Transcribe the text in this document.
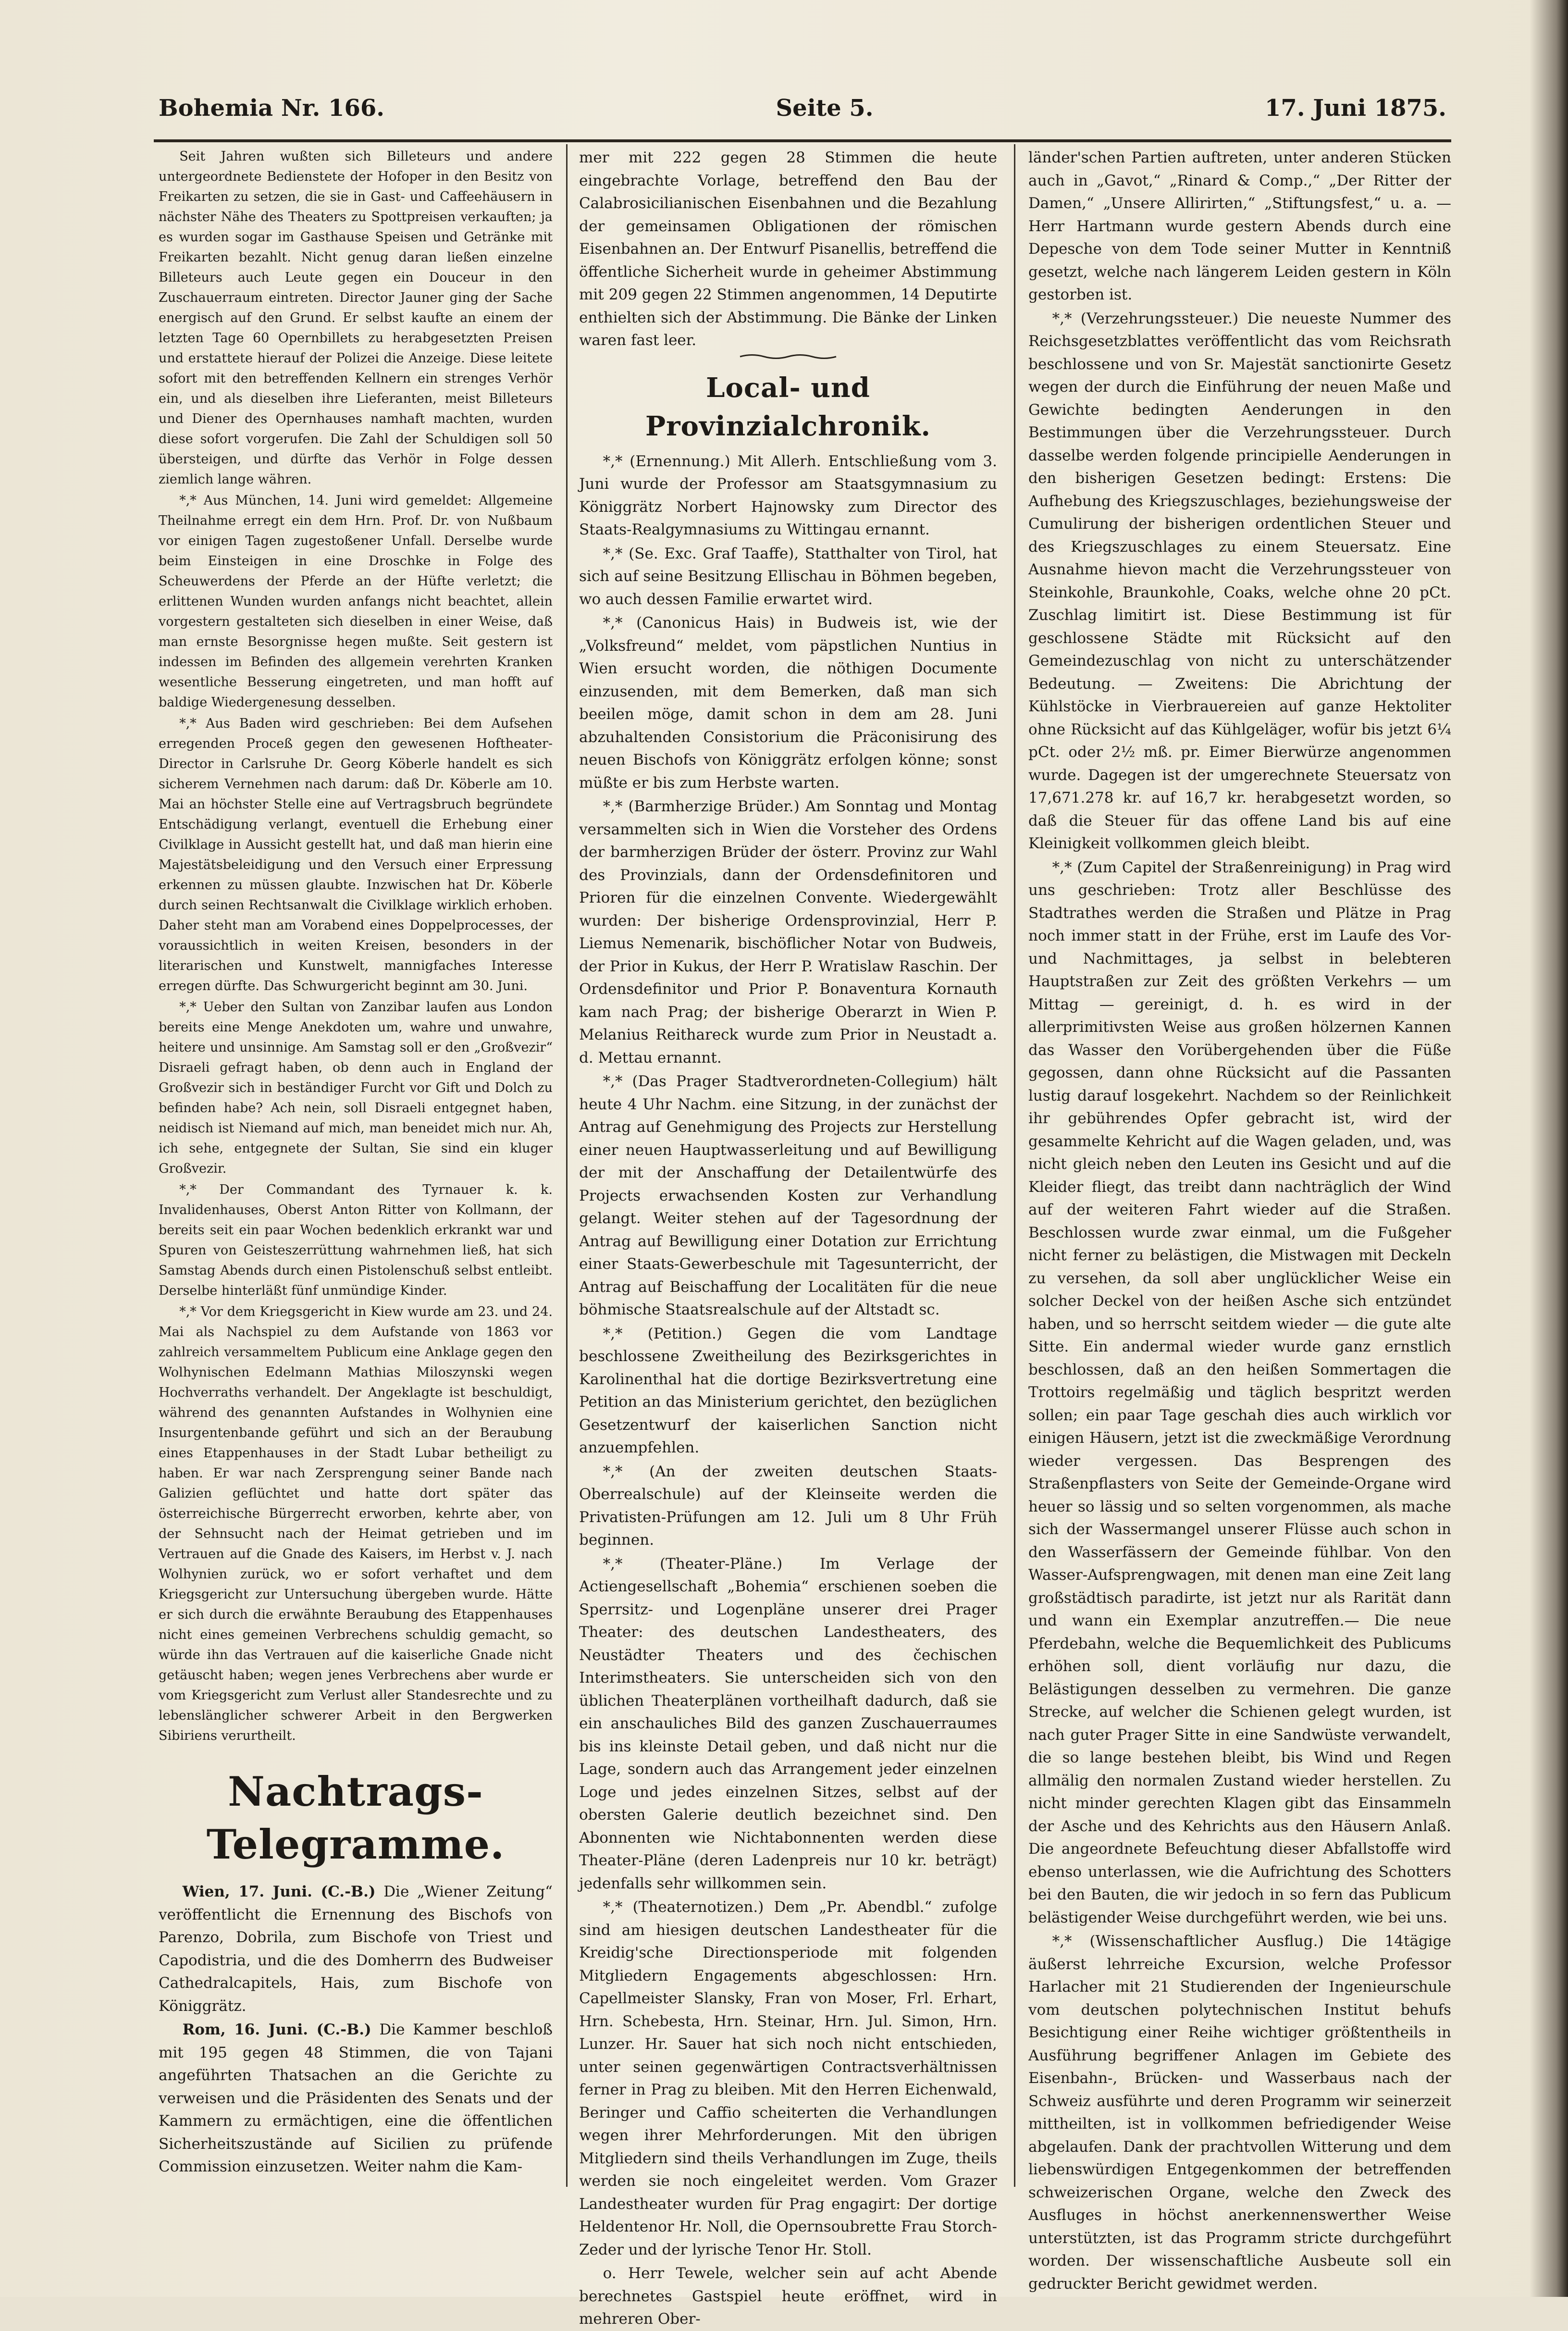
Bohemia Nr. 166.	Seite 5.	17. Juni 1875.

Seit Jahren wußten sich Billeteurs und andere untergeordnete Bedienstete der Hofoper in den Besitz von Freikarten zu setzen, die sie in Gast- und Caffeehäusern in nächster Nähe des Theaters zu Spottpreisen verkauften; ja es wurden sogar im Gasthause Speisen und Getränke mit Freikarten bezahlt. Nicht genug daran ließen einzelne Billeteurs auch Leute gegen ein Douceur in den Zuschauerraum eintreten. Director Jauner ging der Sache energisch auf den Grund. Er selbst kaufte an einem der letzten Tage 60 Opernbillets zu herabgesetzten Preisen und erstattete hierauf der Polizei die Anzeige. Diese leitete sofort mit den betreffenden Kellnern ein strenges Verhör ein, und als dieselben ihre Lieferanten, meist Billeteurs und Diener des Opernhauses namhaft machten, wurden diese sofort vorgerufen. Die Zahl der Schuldigen soll 50 übersteigen, und dürfte das Verhör in Folge dessen ziemlich lange währen.

*,* Aus München, 14. Juni wird gemeldet: Allgemeine Theilnahme erregt ein dem Hrn. Prof. Dr. von Nußbaum vor einigen Tagen zugestoßener Unfall. Derselbe wurde beim Einsteigen in eine Droschke in Folge des Scheuwerdens der Pferde an der Hüfte verletzt; die erlittenen Wunden wurden anfangs nicht beachtet, allein vorgestern gestalteten sich dieselben in einer Weise, daß man ernste Besorgnisse hegen mußte. Seit gestern ist indessen im Befinden des allgemein verehrten Kranken wesentliche Besserung eingetreten, und man hofft auf baldige Wiedergenesung desselben.

*,* Aus Baden wird geschrieben: Bei dem Aufsehen erregenden Proceß gegen den gewesenen Hoftheater-Director in Carlsruhe Dr. Georg Köberle handelt es sich sicherem Vernehmen nach darum: daß Dr. Köberle am 10. Mai an höchster Stelle eine auf Vertragsbruch begründete Entschädigung verlangt, eventuell die Erhebung einer Civilklage in Aussicht gestellt hat, und daß man hierin eine Majestätsbeleidigung und den Versuch einer Erpressung erkennen zu müssen glaubte. Inzwischen hat Dr. Köberle durch seinen Rechtsanwalt die Civilklage wirklich erhoben. Daher steht man am Vorabend eines Doppelprocesses, der voraussichtlich in weiten Kreisen, besonders in der literarischen und Kunstwelt, mannigfaches Interesse erregen dürfte. Das Schwurgericht beginnt am 30. Juni.

*,* Ueber den Sultan von Zanzibar laufen aus London bereits eine Menge Anekdoten um, wahre und unwahre, heitere und unsinnige. Am Samstag soll er den „Großvezir“ Disraeli gefragt haben, ob denn auch in England der Großvezir sich in beständiger Furcht vor Gift und Dolch zu befinden habe? Ach nein, soll Disraeli entgegnet haben, neidisch ist Niemand auf mich, man beneidet mich nur. Ah, ich sehe, entgegnete der Sultan, Sie sind ein kluger Großvezir.

*,* Der Commandant des Tyrnauer k. k. Invalidenhauses, Oberst Anton Ritter von Kollmann, der bereits seit ein paar Wochen bedenklich erkrankt war und Spuren von Geisteszerrüttung wahrnehmen ließ, hat sich Samstag Abends durch einen Pistolenschuß selbst entleibt. Derselbe hinterläßt fünf unmündige Kinder.

*,* Vor dem Kriegsgericht in Kiew wurde am 23. und 24. Mai als Nachspiel zu dem Aufstande von 1863 vor zahlreich versammeltem Publicum eine Anklage gegen den Wolhynischen Edelmann Mathias Miloszynski wegen Hochverraths verhandelt. Der Angeklagte ist beschuldigt, während des genannten Aufstandes in Wolhynien eine Insurgentenbande geführt und sich an der Beraubung eines Etappenhauses in der Stadt Lubar betheiligt zu haben. Er war nach Zersprengung seiner Bande nach Galizien geflüchtet und hatte dort später das österreichische Bürgerrecht erworben, kehrte aber, von der Sehnsucht nach der Heimat getrieben und im Vertrauen auf die Gnade des Kaisers, im Herbst v. J. nach Wolhynien zurück, wo er sofort verhaftet und dem Kriegsgericht zur Untersuchung übergeben wurde. Hätte er sich durch die erwähnte Beraubung des Etappenhauses nicht eines gemeinen Verbrechens schuldig gemacht, so würde ihn das Vertrauen auf die kaiserliche Gnade nicht getäuscht haben; wegen jenes Verbrechens aber wurde er vom Kriegsgericht zum Verlust aller Standesrechte und zu lebenslänglicher schwerer Arbeit in den Bergwerken Sibiriens verurtheilt.

Nachtrags-Telegramme.

Wien, 17. Juni. (C.-B.) Die „Wiener Zeitung“ veröffentlicht die Ernennung des Bischofs von Parenzo, Dobrila, zum Bischofe von Triest und Capodistria, und die des Domherrn des Budweiser Cathedralcapitels, Hais, zum Bischofe von Königgrätz.

Rom, 16. Juni. (C.-B.) Die Kammer beschloß mit 195 gegen 48 Stimmen, die von Tajani angeführten Thatsachen an die Gerichte zu verweisen und die Präsidenten des Senats und der Kammern zu ermächtigen, eine die öffentlichen Sicherheitszustände auf Sicilien zu prüfende Commission einzusetzen. Weiter nahm die Kam-

mer mit 222 gegen 28 Stimmen die heute eingebrachte Vorlage, betreffend den Bau der Calabrosicilianischen Eisenbahnen und die Bezahlung der gemeinsamen Obligationen der römischen Eisenbahnen an. Der Entwurf Pisanellis, betreffend die öffentliche Sicherheit wurde in geheimer Abstimmung mit 209 gegen 22 Stimmen angenommen, 14 Deputirte enthielten sich der Abstimmung. Die Bänke der Linken waren fast leer.

Local- und Provinzialchronik.

*,* (Ernennung.) Mit Allerh. Entschließung vom 3. Juni wurde der Professor am Staatsgymnasium zu Königgrätz Norbert Hajnowsky zum Director des Staats-Realgymnasiums zu Wittingau ernannt.

*,* (Se. Exc. Graf Taaffe), Statthalter von Tirol, hat sich auf seine Besitzung Ellischau in Böhmen begeben, wo auch dessen Familie erwartet wird.

*,* (Canonicus Hais) in Budweis ist, wie der „Volksfreund“ meldet, vom päpstlichen Nuntius in Wien ersucht worden, die nöthigen Documente einzusenden, mit dem Bemerken, daß man sich beeilen möge, damit schon in dem am 28. Juni abzuhaltenden Consistorium die Präconisirung des neuen Bischofs von Königgrätz erfolgen könne; sonst müßte er bis zum Herbste warten.

*,* (Barmherzige Brüder.) Am Sonntag und Montag versammelten sich in Wien die Vorsteher des Ordens der barmherzigen Brüder der österr. Provinz zur Wahl des Provinzials, dann der Ordensdefinitoren und Prioren für die einzelnen Convente. Wiedergewählt wurden: Der bisherige Ordensprovinzial, Herr P. Liemus Nemenarik, bischöflicher Notar von Budweis, der Prior in Kukus, der Herr P. Wratislaw Raschin. Der Ordensdefinitor und Prior P. Bonaventura Kornauth kam nach Prag; der bisherige Oberarzt in Wien P. Melanius Reithareck wurde zum Prior in Neustadt a. d. Mettau ernannt.

*,* (Das Prager Stadtverordneten-Collegium) hält heute 4 Uhr Nachm. eine Sitzung, in der zunächst der Antrag auf Genehmigung des Projects zur Herstellung einer neuen Hauptwasserleitung und auf Bewilligung der mit der Anschaffung der Detailentwürfe des Projects erwachsenden Kosten zur Verhandlung gelangt. Weiter stehen auf der Tagesordnung der Antrag auf Bewilligung einer Dotation zur Errichtung einer Staats-Gewerbeschule mit Tagesunterricht, der Antrag auf Beischaffung der Localitäten für die neue böhmische Staatsrealschule auf der Altstadt sc.

*,* (Petition.) Gegen die vom Landtage beschlossene Zweitheilung des Bezirksgerichtes in Karolinenthal hat die dortige Bezirksvertretung eine Petition an das Ministerium gerichtet, den bezüglichen Gesetzentwurf der kaiserlichen Sanction nicht anzuempfehlen.

*,* (An der zweiten deutschen Staats-Oberrealschule) auf der Kleinseite werden die Privatisten-Prüfungen am 12. Juli um 8 Uhr Früh beginnen.

*,* (Theater-Pläne.) Im Verlage der Actiengesellschaft „Bohemia“ erschienen soeben die Sperrsitz- und Logenpläne unserer drei Prager Theater: des deutschen Landestheaters, des Neustädter Theaters und des čechischen Interimstheaters. Sie unterscheiden sich von den üblichen Theaterplänen vortheilhaft dadurch, daß sie ein anschauliches Bild des ganzen Zuschauerraumes bis ins kleinste Detail geben, und daß nicht nur die Lage, sondern auch das Arrangement jeder einzelnen Loge und jedes einzelnen Sitzes, selbst auf der obersten Galerie deutlich bezeichnet sind. Den Abonnenten wie Nichtabonnenten werden diese Theater-Pläne (deren Ladenpreis nur 10 kr. beträgt) jedenfalls sehr willkommen sein.

*,* (Theaternotizen.) Dem „Pr. Abendbl.“ zufolge sind am hiesigen deutschen Landestheater für die Kreidig'sche Directionsperiode mit folgenden Mitgliedern Engagements abgeschlossen: Hrn. Capellmeister Slansky, Fran von Moser, Frl. Erhart, Hrn. Schebesta, Hrn. Steinar, Hrn. Jul. Simon, Hrn. Lunzer. Hr. Sauer hat sich noch nicht entschieden, unter seinen gegenwärtigen Contractsverhältnissen ferner in Prag zu bleiben. Mit den Herren Eichenwald, Beringer und Caffio scheiterten die Verhandlungen wegen ihrer Mehrforderungen. Mit den übrigen Mitgliedern sind theils Verhandlungen im Zuge, theils werden sie noch eingeleitet werden. Vom Grazer Landestheater wurden für Prag engagirt: Der dortige Heldentenor Hr. Noll, die Opernsoubrette Frau Storch-Zeder und der lyrische Tenor Hr. Stoll.

o. Herr Tewele, welcher sein auf acht Abende berechnetes Gastspiel heute eröffnet, wird in mehreren Ober-

länder'schen Partien auftreten, unter anderen Stücken auch in „Gavot,“ „Rinard & Comp.,“ „Der Ritter der Damen,“ „Unsere Allirirten,“ „Stiftungsfest,“ u. a. — Herr Hartmann wurde gestern Abends durch eine Depesche von dem Tode seiner Mutter in Kenntniß gesetzt, welche nach längerem Leiden gestern in Köln gestorben ist.

*,* (Verzehrungssteuer.) Die neueste Nummer des Reichsgesetzblattes veröffentlicht das vom Reichsrath beschlossene und von Sr. Majestät sanctionirte Gesetz wegen der durch die Einführung der neuen Maße und Gewichte bedingten Aenderungen in den Bestimmungen über die Verzehrungssteuer. Durch dasselbe werden folgende principielle Aenderungen in den bisherigen Gesetzen bedingt: Erstens: Die Aufhebung des Kriegszuschlages, beziehungsweise der Cumulirung der bisherigen ordentlichen Steuer und des Kriegszuschlages zu einem Steuersatz. Eine Ausnahme hievon macht die Verzehrungssteuer von Steinkohle, Braunkohle, Coaks, welche ohne 20 pCt. Zuschlag limitirt ist. Diese Bestimmung ist für geschlossene Städte mit Rücksicht auf den Gemeindezuschlag von nicht zu unterschätzender Bedeutung. — Zweitens: Die Abrichtung der Kühlstöcke in Vierbrauereien auf ganze Hektoliter ohne Rücksicht auf das Kühlgeläger, wofür bis jetzt 6¼ pCt. oder 2½ mß. pr. Eimer Bierwürze angenommen wurde. Dagegen ist der umgerechnete Steuersatz von 17,671.278 kr. auf 16,7 kr. herabgesetzt worden, so daß die Steuer für das offene Land bis auf eine Kleinigkeit vollkommen gleich bleibt.

*,* (Zum Capitel der Straßenreinigung) in Prag wird uns geschrieben: Trotz aller Beschlüsse des Stadtrathes werden die Straßen und Plätze in Prag noch immer statt in der Frühe, erst im Laufe des Vor- und Nachmittages, ja selbst in belebteren Hauptstraßen zur Zeit des größten Verkehrs — um Mittag — gereinigt, d. h. es wird in der allerprimitivsten Weise aus großen hölzernen Kannen das Wasser den Vorübergehenden über die Füße gegossen, dann ohne Rücksicht auf die Passanten lustig darauf losgekehrt. Nachdem so der Reinlichkeit ihr gebührendes Opfer gebracht ist, wird der gesammelte Kehricht auf die Wagen geladen, und, was nicht gleich neben den Leuten ins Gesicht und auf die Kleider fliegt, das treibt dann nachträglich der Wind auf der weiteren Fahrt wieder auf die Straßen. Beschlossen wurde zwar einmal, um die Fußgeher nicht ferner zu belästigen, die Mistwagen mit Deckeln zu versehen, da soll aber unglücklicher Weise ein solcher Deckel von der heißen Asche sich entzündet haben, und so herrscht seitdem wieder — die gute alte Sitte. Ein andermal wieder wurde ganz ernstlich beschlossen, daß an den heißen Sommertagen die Trottoirs regelmäßig und täglich bespritzt werden sollen; ein paar Tage geschah dies auch wirklich vor einigen Häusern, jetzt ist die zweckmäßige Verordnung wieder vergessen. Das Besprengen des Straßenpflasters von Seite der Gemeinde-Organe wird heuer so lässig und so selten vorgenommen, als mache sich der Wassermangel unserer Flüsse auch schon in den Wasserfässern der Gemeinde fühlbar. Von den Wasser-Aufsprengwagen, mit denen man eine Zeit lang großstädtisch paradirte, ist jetzt nur als Rarität dann und wann ein Exemplar anzutreffen.— Die neue Pferdebahn, welche die Bequemlichkeit des Publicums erhöhen soll, dient vorläufig nur dazu, die Belästigungen desselben zu vermehren. Die ganze Strecke, auf welcher die Schienen gelegt wurden, ist nach guter Prager Sitte in eine Sandwüste verwandelt, die so lange bestehen bleibt, bis Wind und Regen allmälig den normalen Zustand wieder herstellen. Zu nicht minder gerechten Klagen gibt das Einsammeln der Asche und des Kehrichts aus den Häusern Anlaß. Die angeordnete Befeuchtung dieser Abfallstoffe wird ebenso unterlassen, wie die Aufrichtung des Schotters bei den Bauten, die wir jedoch in so fern das Publicum belästigender Weise durchgeführt werden, wie bei uns.

*,* (Wissenschaftlicher Ausflug.) Die 14tägige äußerst lehrreiche Excursion, welche Professor Harlacher mit 21 Studierenden der Ingenieurschule vom deutschen polytechnischen Institut behufs Besichtigung einer Reihe wichtiger größtentheils in Ausführung begriffener Anlagen im Gebiete des Eisenbahn-, Brücken- und Wasserbaus nach der Schweiz ausführte und deren Programm wir seinerzeit mittheilten, ist in vollkommen befriedigender Weise abgelaufen. Dank der prachtvollen Witterung und dem liebenswürdigen Entgegenkommen der betreffenden schweizerischen Organe, welche den Zweck des Ausfluges in höchst anerkennenswerther Weise unterstützten, ist das Programm stricte durchgeführt worden. Der wissenschaftliche Ausbeute soll ein gedruckter Bericht gewidmet werden.
